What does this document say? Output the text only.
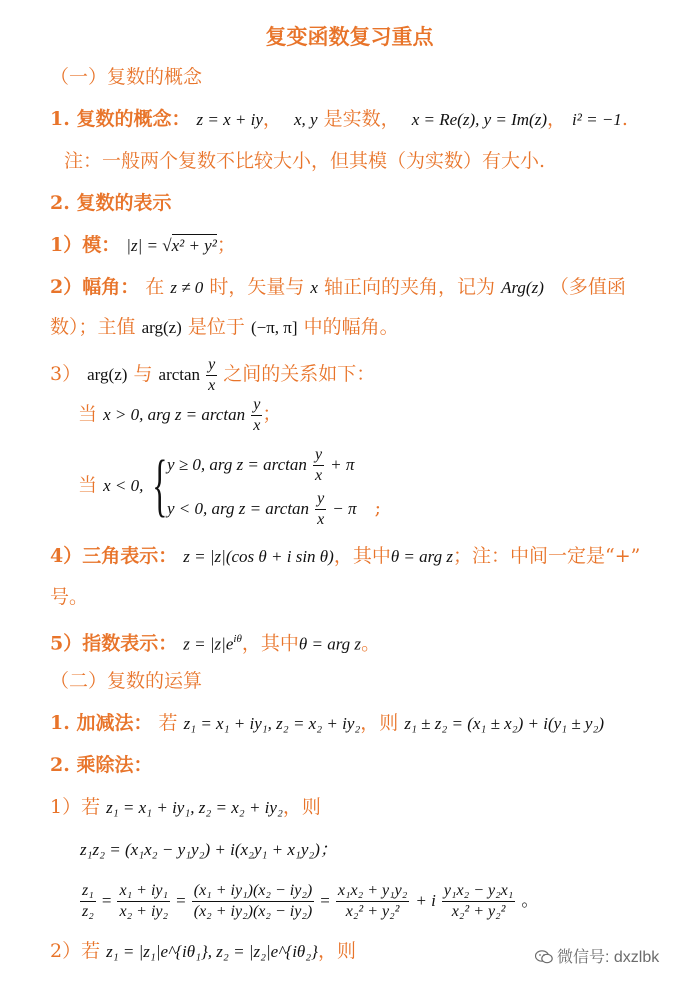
复变函数复习重点
（一）复数的概念
1. 复数的概念： z = x + iy，  x, y 是实数， x = Re(z), y = Im(z)， i² = −1.
注：一般两个复数不比较大小，但其模（为实数）有大小.
2. 复数的表示
1）模： |z| = √x² + y²；
2）幅角： 在 z ≠ 0 时，矢量与 x 轴正向的夹角，记为 Arg(z) （多值函
数）；主值 arg(z) 是位于 (−π, π] 中的幅角。
3） arg(z) 与 $\arctan \frac{y}{x}$ 之间的关系如下：
当 x > 0, arg $z = \arctan \frac{y}{x}$ ；
当 x < 0, { y ≥ 0, arg $z = \arctan \frac{y}{x} + \pi$
y < 0, arg $z = \arctan \frac{y}{x} - \pi$   ;
4）三角表示： z = |z|(cos θ + i sin θ)，其中θ = arg z；注：中间一定是“+”
号。
5）指数表示： $z = |z|e^{i\theta}$，其中θ = arg z。
（二）复数的运算
1. 加减法： 若 z₁ = x₁ + iy₁, z₂ = x₂ + iy₂，则 z₁ ± z₂ = (x₁ ± x₂) + i(y₁ ± y₂)
2. 乘除法：
1）若 z₁ = x₁ + iy₁, z₂ = x₂ + iy₂，则
z₁z₂ = (x₁x₂ − y₁y₂) + i(x₂y₁ + x₁y₂)；
$\frac{\text{z₁}}{\text{z₂}} = \frac{\text{x₁ + iy₁}}{\text{x₂ + iy₂}} = \frac{\text{(x₁ + iy₁)(x₂ − iy₂)}}{\text{(x₂ + iy₂)(x₂ − iy₂)}} = \frac{\text{x₁x₂ + y₁y₂}}{\text{x₂² + y₂²}} + i \frac{\text{y₁x₂ − y₂x₁}}{\text{x₂² + y₂²}}$ 。
2）若 z₁ = |z₁|e^{iθ₁}, z₂ = |z₂|e^{iθ₂}，则	微信号: dxzlbk
